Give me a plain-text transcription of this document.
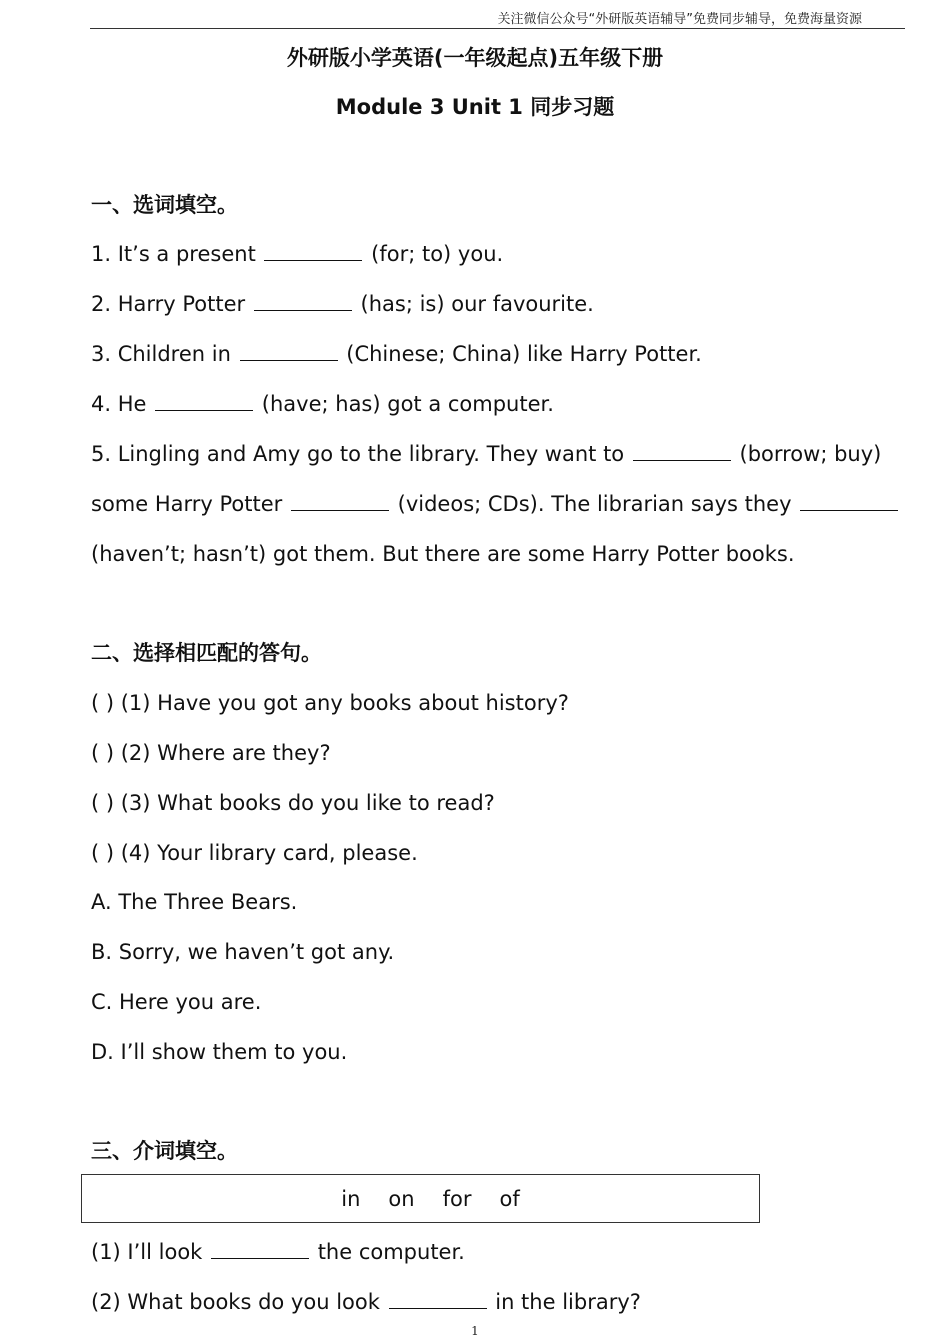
关注微信公众号“外研版英语辅导”免费同步辅导，免费海量资源
外研版小学英语(一年级起点)五年级下册
Module 3 Unit 1 同步习题
一、选词填空。
1. It’s a present	(for; to) you.
2. Harry Potter	(has; is) our favourite.
3. Children in	(Chinese; China) like Harry Potter.
4. He	(have; has) got a computer.
5. Lingling and Amy go to the library. They want to	(borrow; buy)
some Harry Potter	(videos; CDs). The librarian says they
(haven’t; hasn’t) got them. But there are some Harry Potter books.
二、选择相匹配的答句。
( ) (1) Have you got any books about history?
( ) (2) Where are they?
( ) (3) What books do you like to read?
( ) (4) Your library card, please.
A. The Three Bears.
B. Sorry, we haven’t got any.
C. Here you are.
D. I’ll show them to you.
三、介词填空。
in on for of
(1) I’ll look	the computer.
(2) What books do you look	in the library?
1
